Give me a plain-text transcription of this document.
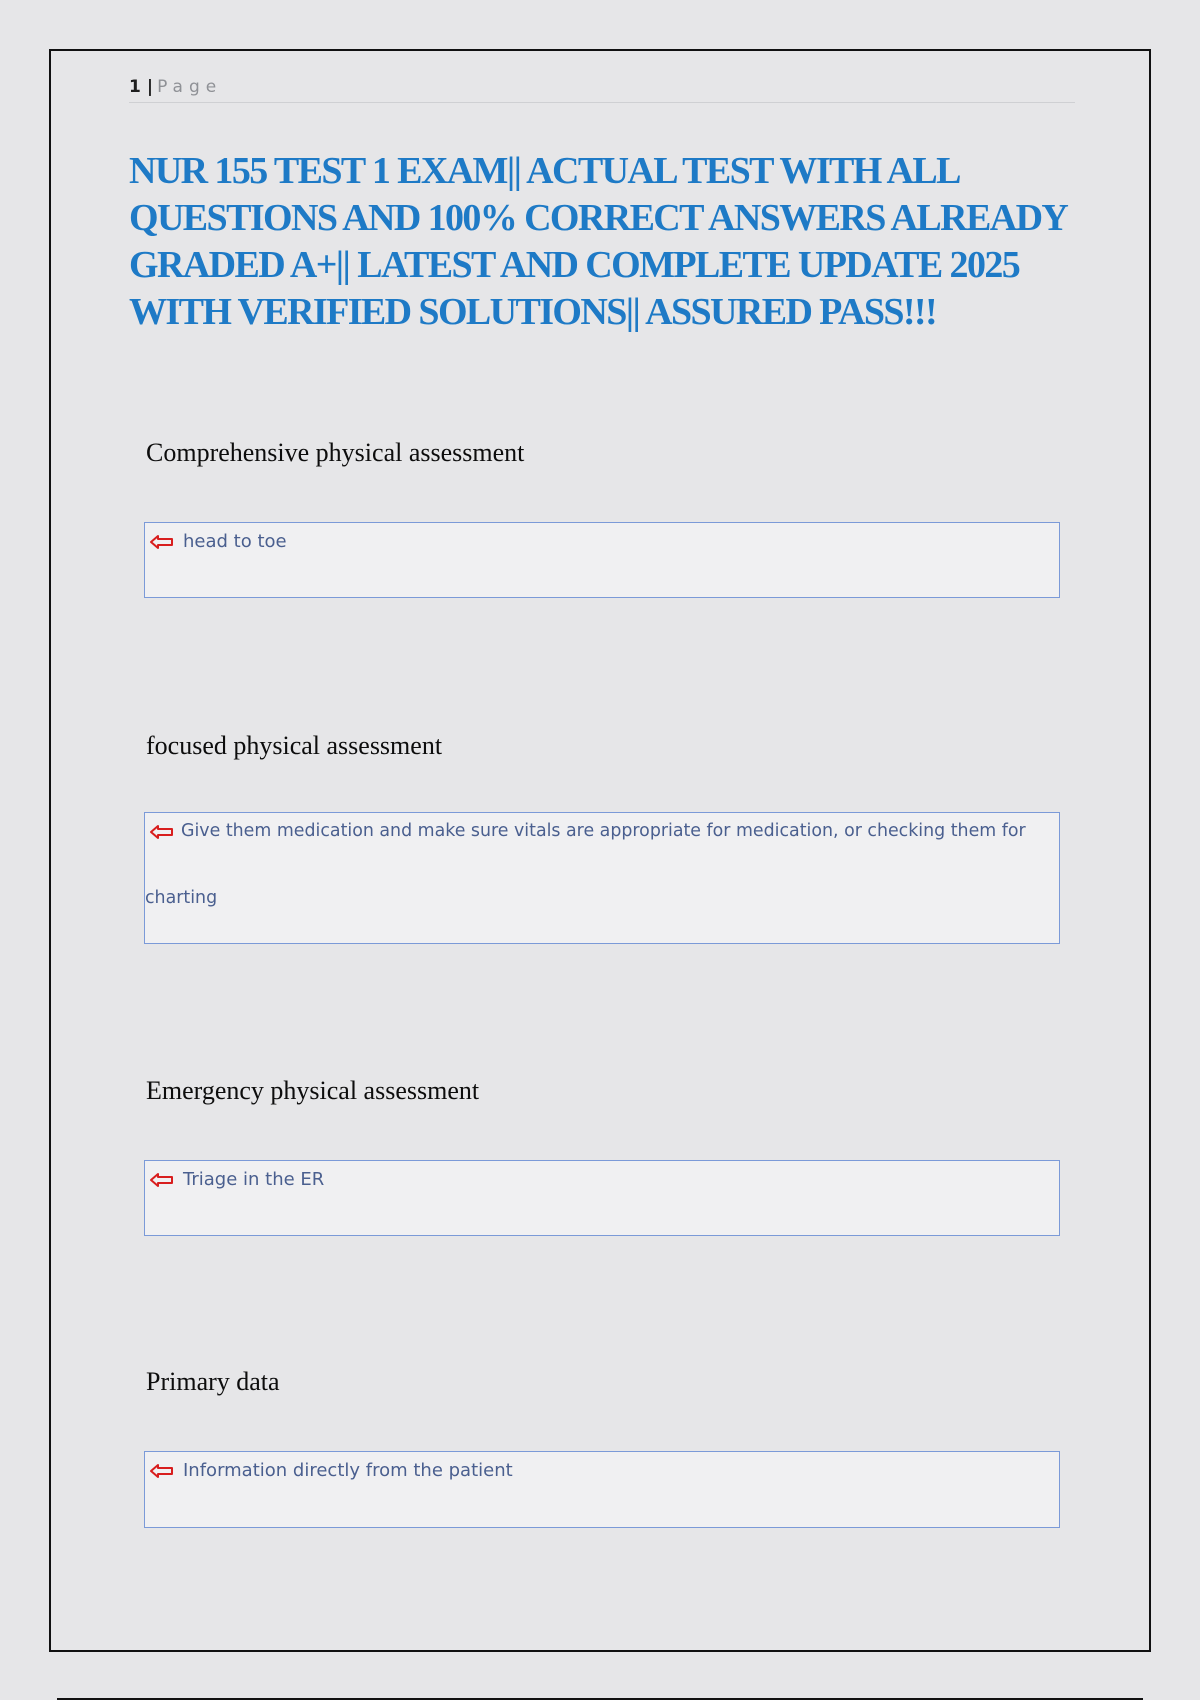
1 | Page
NUR 155 TEST 1 EXAM|| ACTUAL TEST WITH ALL QUESTIONS AND 100% CORRECT ANSWERS ALREADY GRADED A+|| LATEST AND COMPLETE UPDATE 2025 WITH VERIFIED SOLUTIONS|| ASSURED PASS!!!
Comprehensive physical assessment
head to toe
focused physical assessment
Give them medication and make sure vitals are appropriate for medication, or checking them for
charting
Emergency physical assessment
Triage in the ER
Primary data
Information directly from the patient
